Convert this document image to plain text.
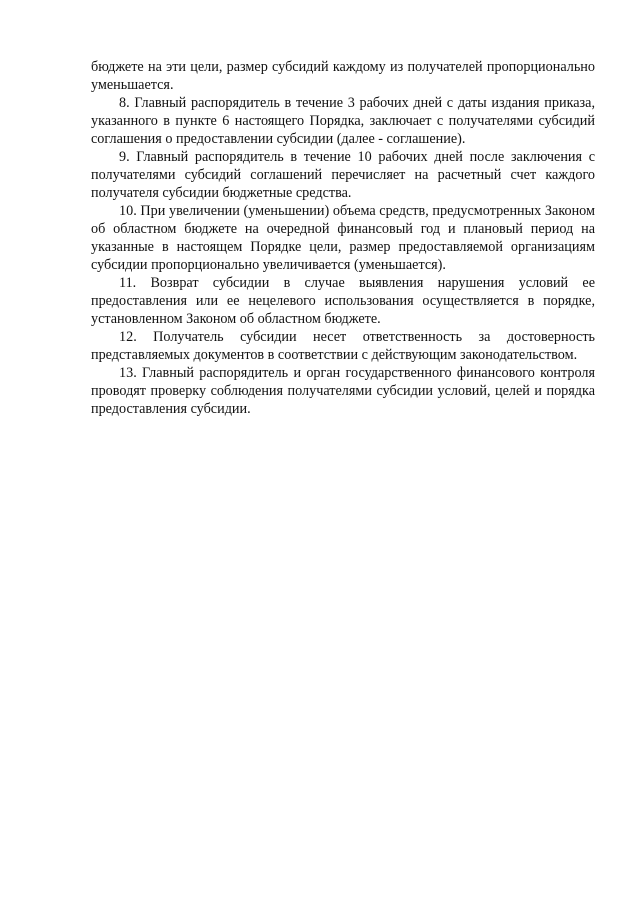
бюджете на эти цели, размер субсидий каждому из получателей пропорционально уменьшается.

8. Главный распорядитель в течение 3 рабочих дней с даты издания приказа, указанного в пункте 6 настоящего Порядка, заключает с получателями субсидий соглашения о предоставлении субсидии (далее - соглашение).

9. Главный распорядитель в течение 10 рабочих дней после заключения с получателями субсидий соглашений перечисляет на расчетный счет каждого получателя субсидии бюджетные средства.

10. При увеличении (уменьшении) объема средств, предусмотренных Законом об областном бюджете на очередной финансовый год и плановый период на указанные в настоящем Порядке цели, размер предоставляемой организациям субсидии пропорционально увеличивается (уменьшается).

11. Возврат субсидии в случае выявления нарушения условий ее предоставления или ее нецелевого использования осуществляется в порядке, установленном Законом об областном бюджете.

12. Получатель субсидии несет ответственность за достоверность представляемых документов в соответствии с действующим законодательством.

13. Главный распорядитель и орган государственного финансового контроля проводят проверку соблюдения получателями субсидии условий, целей и порядка предоставления субсидии.
